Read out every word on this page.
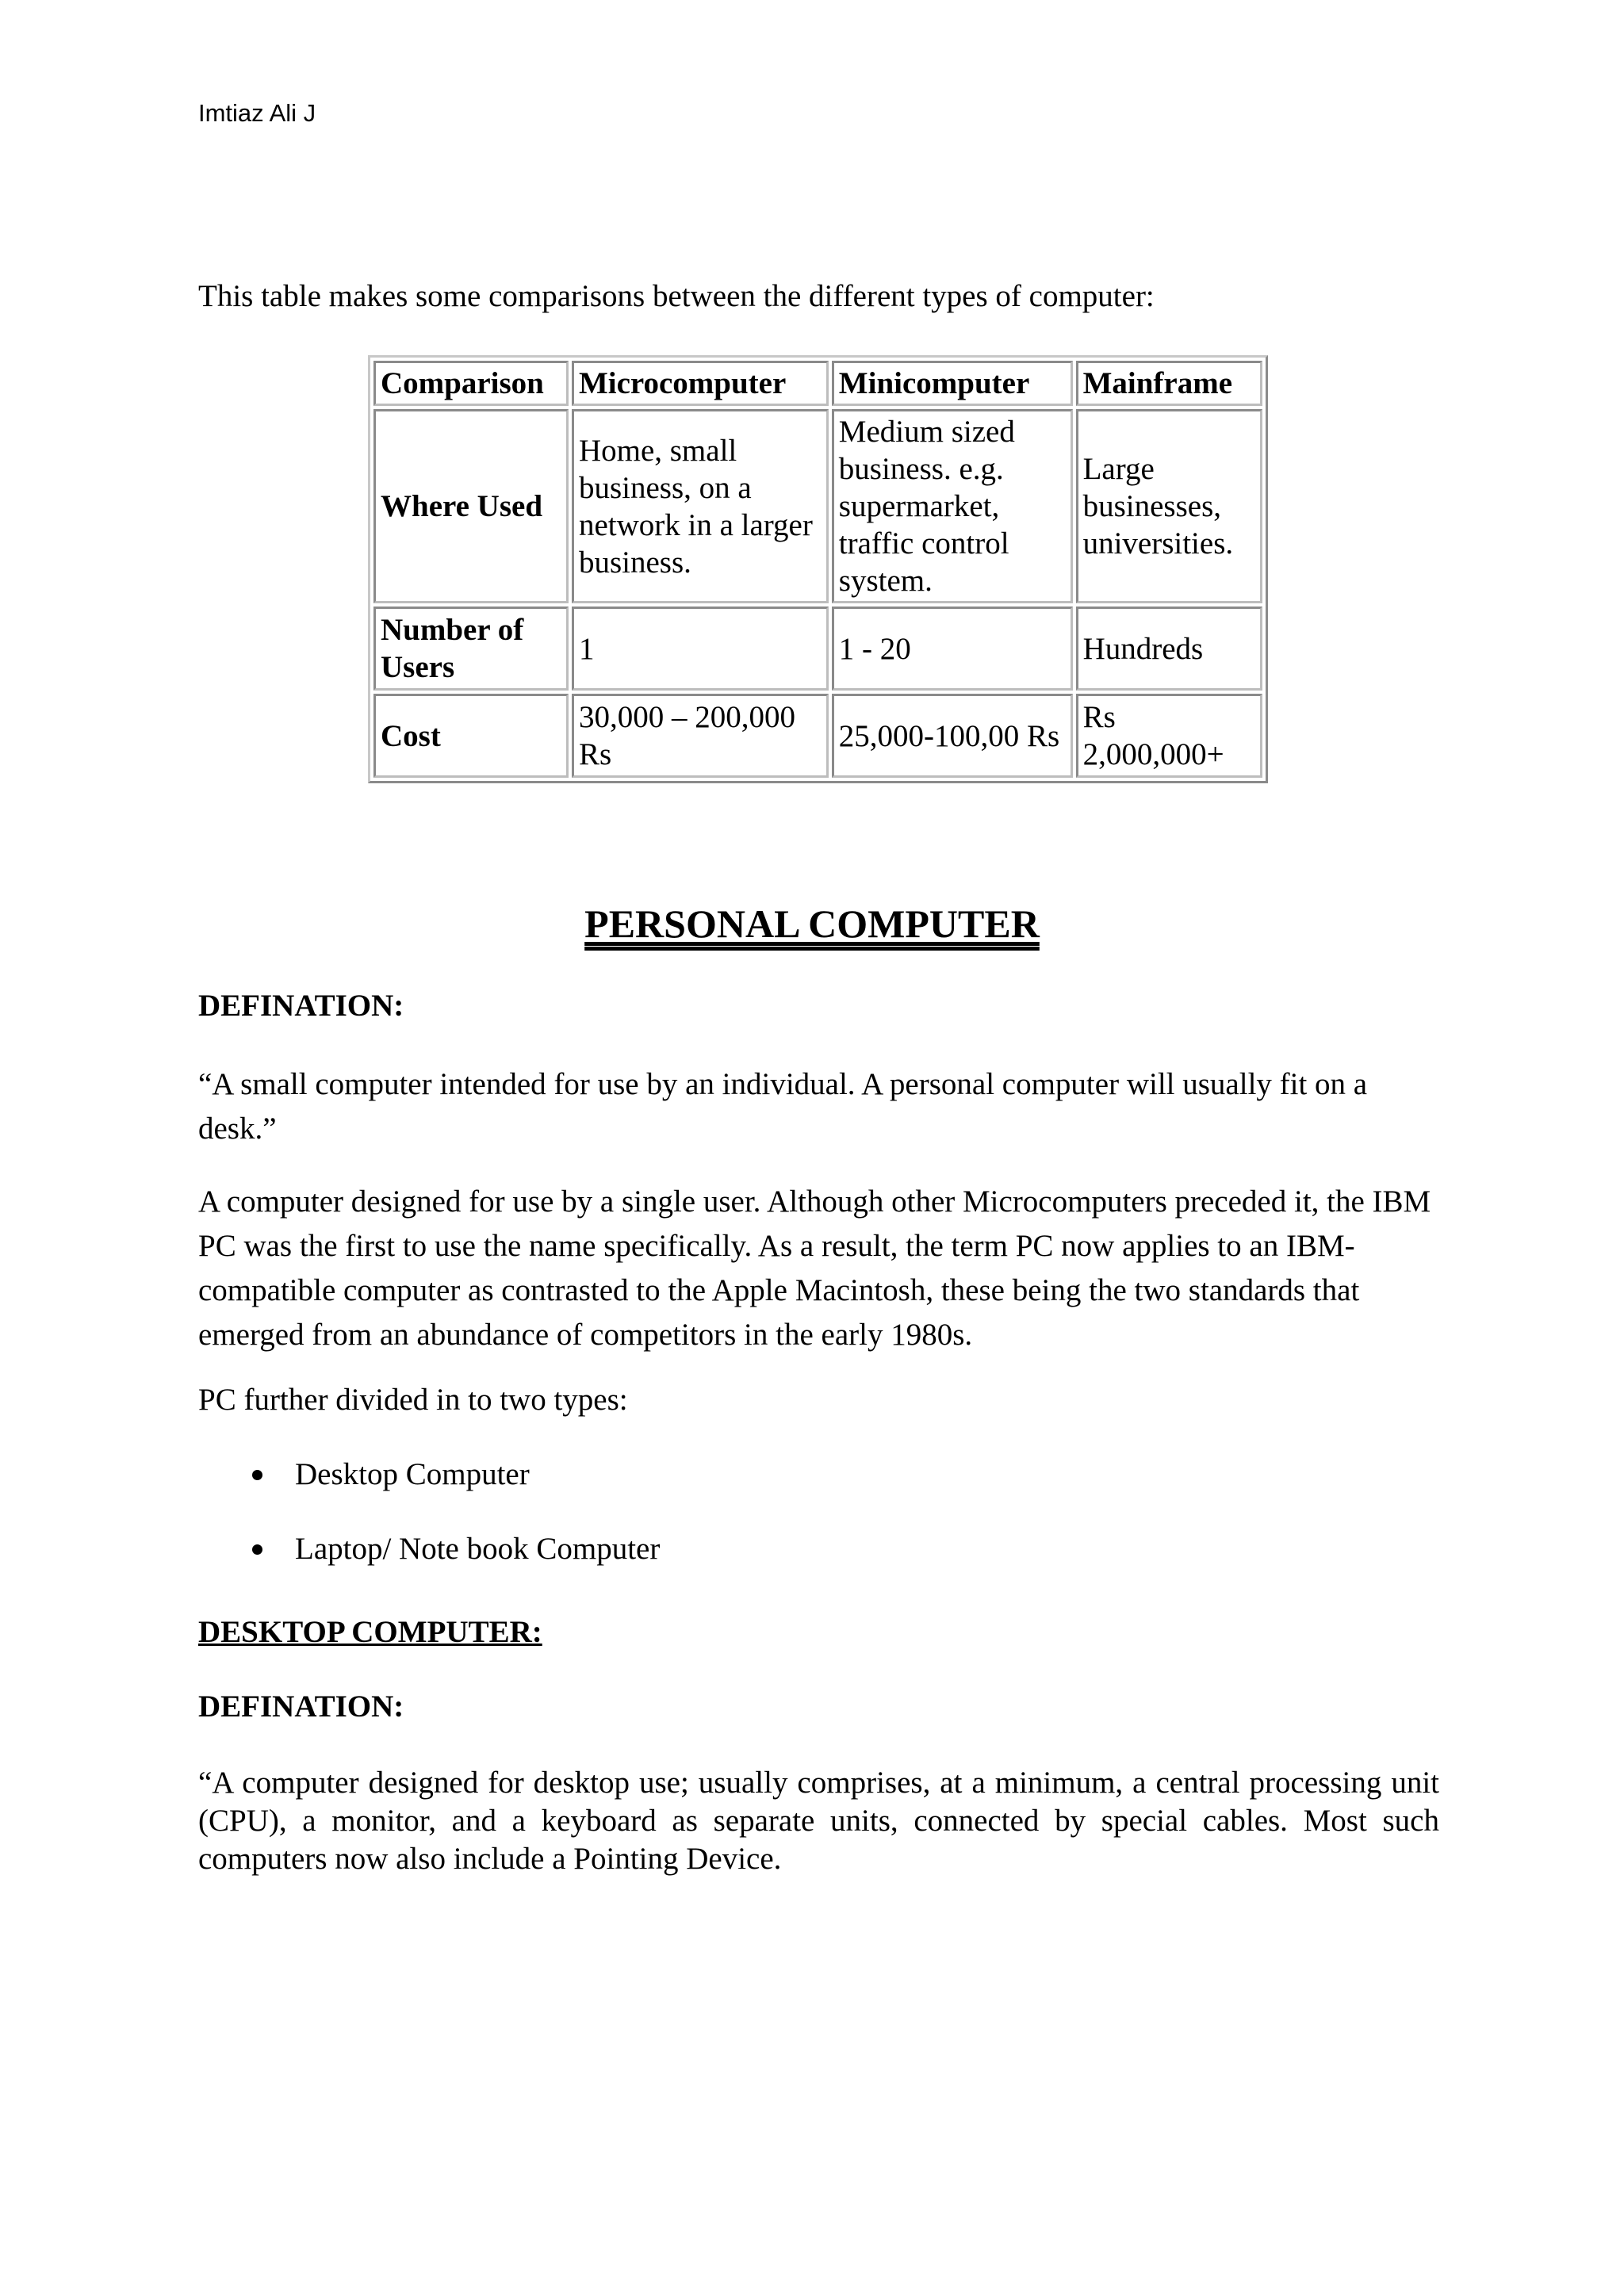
Imtiaz Ali J

This table makes some comparisons between the different types of computer:

Comparison	Microcomputer	Minicomputer	Mainframe
Where Used	Home, small business, on a network in a larger business.	Medium sized business. e.g. supermarket, traffic control system.	Large businesses, universities.
Number of Users	1	1 - 20	Hundreds
Cost	30,000 – 200,000 Rs	25,000-100,00 Rs	Rs 2,000,000+
PERSONAL COMPUTER
DEFINATION:

“A small computer intended for use by an individual. A personal computer will usually fit on a desk.”

A computer designed for use by a single user. Although other Microcomputers preceded it, the IBM PC was the first to use the name specifically. As a result, the term PC now applies to an IBM-compatible computer as contrasted to the Apple Macintosh, these being the two standards that emerged from an abundance of competitors in the early 1980s.

PC further divided in to two types:

Desktop Computer
Laptop/ Note book Computer
DESKTOP COMPUTER:
DEFINATION:

“A computer designed for desktop use; usually comprises, at a minimum, a central processing unit (CPU), a monitor, and a keyboard as separate units, connected by special cables. Most such computers now also include a Pointing Device.
